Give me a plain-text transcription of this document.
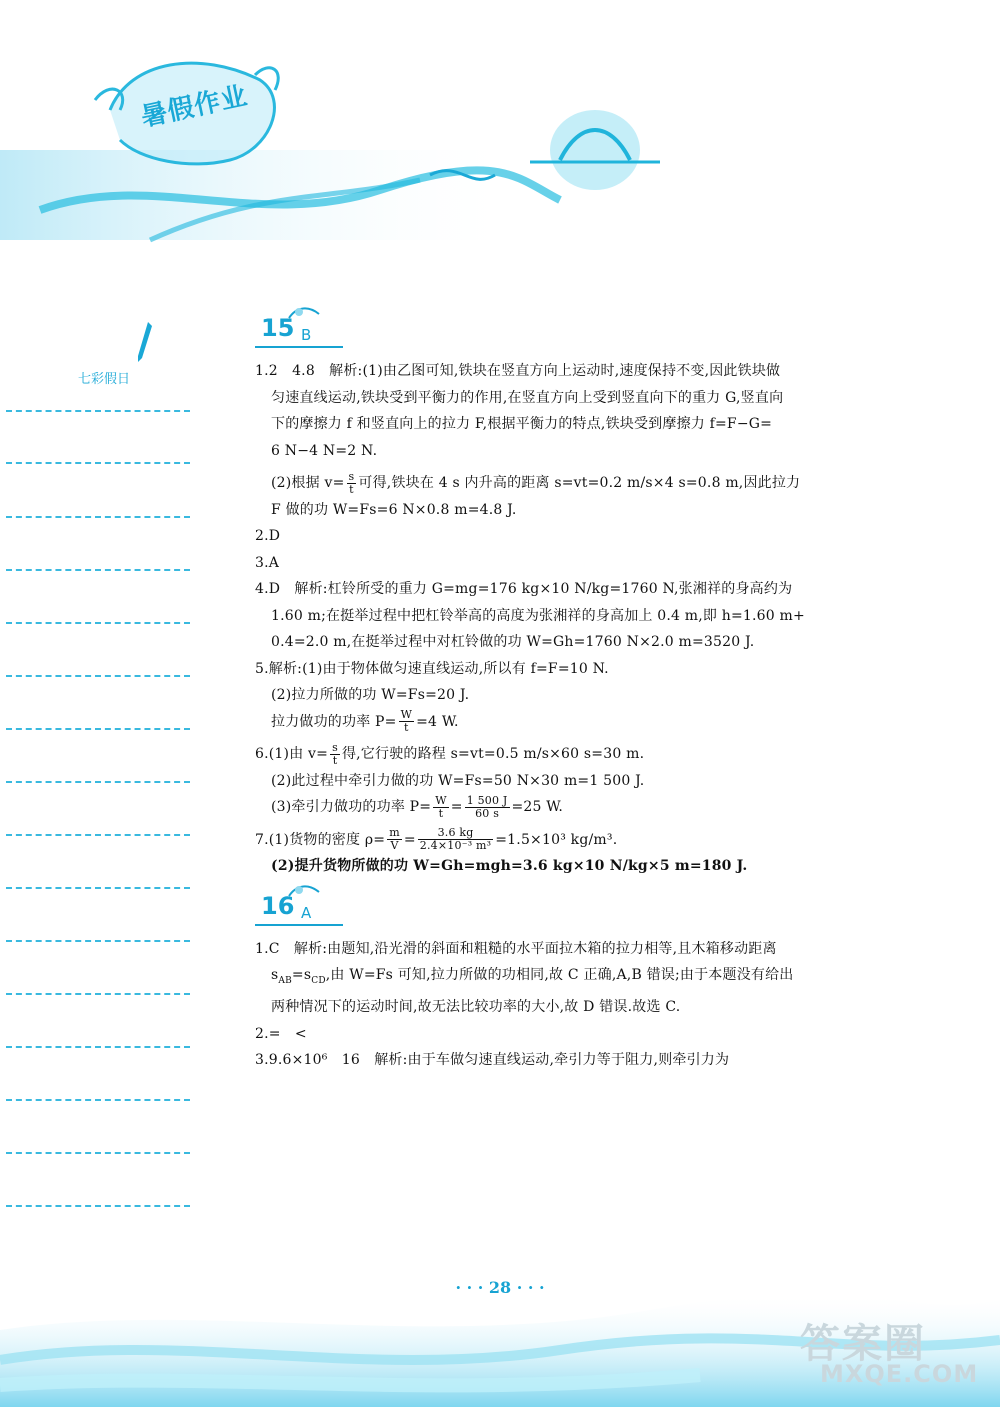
暑假作业
七彩假日
15 B
1.2　4.8　解析:(1)由乙图可知,铁块在竖直方向上运动时,速度保持不变,因此铁块做
匀速直线运动,铁块受到平衡力的作用,在竖直方向上受到竖直向下的重力 G,竖直向
下的摩擦力 f 和竖直向上的拉力 F,根据平衡力的特点,铁块受到摩擦力 f=F−G=
6 N−4 N=2 N.
(2)根据 $v= \frac{s}{t}$ 可得,铁块在 4 s 内升高的距离 s=vt=0.2 m/s×4 s=0.8 m,因此拉力
F 做的功 W=Fs=6 N×0.8 m=4.8 J.
2.D
3.A
4.D　解析:杠铃所受的重力 G=mg=176 kg×10 N/kg=1760 N,张湘祥的身高约为
1.60 m;在挺举过程中把杠铃举高的高度为张湘祥的身高加上 0.4 m,即 h=1.60 m+
0.4=2.0 m,在挺举过程中对杠铃做的功 W=Gh=1760 N×2.0 m=3520 J.
5.解析:(1)由于物体做匀速直线运动,所以有 f=F=10 N.
(2)拉力所做的功 W=Fs=20 J.
拉力做功的功率 $P= \frac{W}{t} =4$ W.
6.(1)由 $v= \frac{s}{t}$ 得,它行驶的路程 s=vt=0.5 m/s×60 s=30 m.
(2)此过程中牵引力做的功 W=Fs=50 N×30 m=1 500 J.
(3)牵引力做功的功率 $P= \frac{W}{t} = \frac{1 500 J}{60 s} =25$ W.
7.(1)货物的密度 $\rho= \frac{m}{V} = \frac{3.6 kg}{\text{2.4×10⁻³ m³}} =1.5\times 10^3$ kg/m³.
(2)提升货物所做的功 W=Gh=mgh=3.6 kg×10 N/kg×5 m=180 J.
16 A
1.C　解析:由题知,沿光滑的斜面和粗糙的水平面拉木箱的拉力相等,且木箱移动距离
$s_{AB}=s_{CD}$,由 W=Fs 可知,拉力所做的功相同,故 C 正确,A,B 错误;由于本题没有给出
两种情况下的运动时间,故无法比较功率的大小,故 D 错误.故选 C.
2.=　<
3.9.6×10⁶　16　解析:由于车做匀速直线运动,牵引力等于阻力,则牵引力为
· · · 28 · · ·
答案圈
MXQE.COM
